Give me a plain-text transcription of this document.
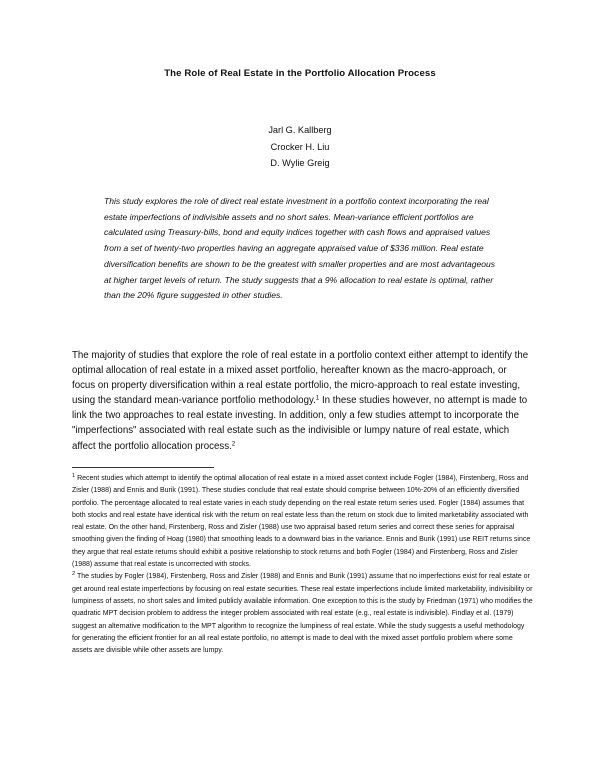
The Role of Real Estate in the Portfolio Allocation Process
Jarl G. Kallberg
Crocker H. Liu
D. Wylie Greig

This study explores the role of direct real estate investment in a portfolio context incorporating the real estate imperfections of indivisible assets and no short sales. Mean-variance efficient portfolios are calculated using Treasury-bills, bond and equity indices together with cash flows and appraised values from a set of twenty-two properties having an aggregate appraised value of $336 million. Real estate diversification benefits are shown to be the greatest with smaller properties and are most advantageous at higher target levels of return. The study suggests that a 9% allocation to real estate is optimal, rather than the 20% figure suggested in other studies.

The majority of studies that explore the role of real estate in a portfolio context either attempt to identify the optimal allocation of real estate in a mixed asset portfolio, hereafter known as the macro-approach, or focus on property diversification within a real estate portfolio, the micro-approach to real estate investing, using the standard mean-variance portfolio methodology.$^1$ In these studies however, no attempt is made to link the two approaches to real estate investing. In addition, only a few studies attempt to incorporate the "imperfections" associated with real estate such as the indivisible or lumpy nature of real estate, which affect the portfolio allocation process.$^2$

$^1$ Recent studies which attempt to identify the optimal allocation of real estate in a mixed asset context include Fogler (1984), Firstenberg, Ross and Zisler (1988) and Ennis and Burik (1991). These studies conclude that real estate should comprise between 10%-20% of an efficiently diversified portfolio. The percentage allocated to real estate varies in each study depending on the real estate return series used. Fogler (1984) assumes that both stocks and real estate have identical risk with the return on real estate less than the return on stock due to limited marketability associated with real estate. On the other hand, Firstenberg, Ross and Zisler (1988) use two appraisal based return series and correct these series for appraisal smoothing given the finding of Hoag (1980) that smoothing leads to a downward bias in the variance. Ennis and Burik (1991) use REIT returns since they argue that real estate returns should exhibit a positive relationship to stock returns and both Fogler (1984) and Firstenberg, Ross and Zisler (1988) assume that real estate is uncorrected with stocks.

$^2$ The studies by Fogler (1984), Firstenberg, Ross and Zisler (1988) and Ennis and Burik (1991) assume that no imperfections exist for real estate or get around real estate imperfections by focusing on real estate securities. These real estate imperfections include limited marketability, indivisibility or lumpiness of assets, no short sales and limited publicly available information. One exception to this is the study by Friedman (1971) who modifies the quadratic MPT decision problem to address the integer problem associated with real estate (e.g., real estate is indivisible). Findlay et al. (1979) suggest an alternative modification to the MPT algorithm to recognize the lumpiness of real estate. While the study suggests a useful methodology for generating the efficient frontier for an all real estate portfolio, no attempt is made to deal with the mixed asset portfolio problem where some assets are divisible while other assets are lumpy.
